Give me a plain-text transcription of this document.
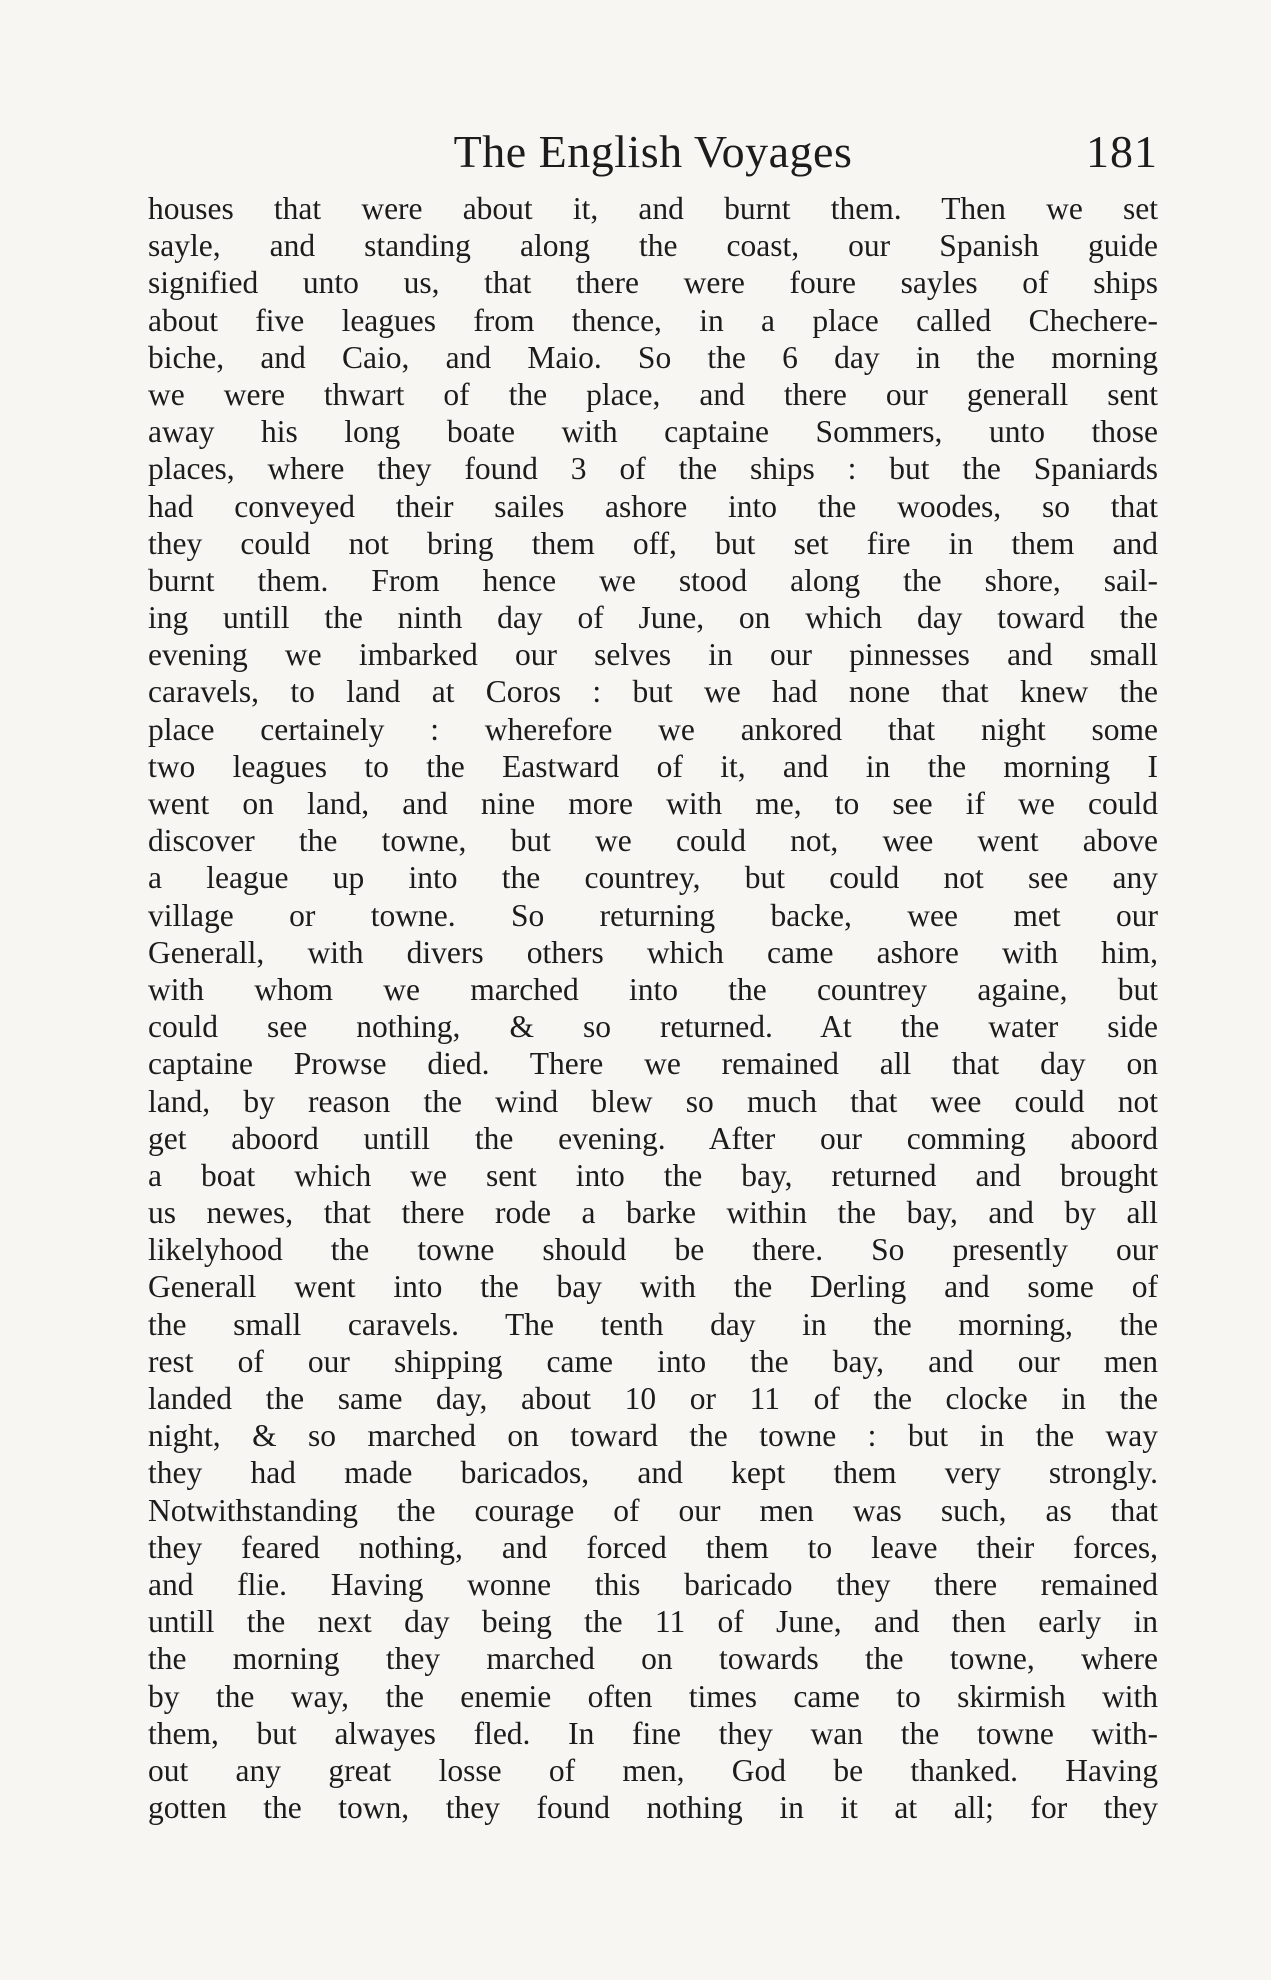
The English Voyages	181
houses that were about it, and burnt them. Then we set
sayle, and standing along the coast, our Spanish guide
signified unto us, that there were foure sayles of ships
about five leagues from thence, in a place called Chechere-
biche, and Caio, and Maio. So the 6 day in the morning
we were thwart of the place, and there our generall sent
away his long boate with captaine Sommers, unto those
places, where they found 3 of the ships : but the Spaniards
had conveyed their sailes ashore into the woodes, so that
they could not bring them off, but set fire in them and
burnt them. From hence we stood along the shore, sail-
ing untill the ninth day of June, on which day toward the
evening we imbarked our selves in our pinnesses and small
caravels, to land at Coros : but we had none that knew the
place certainely : wherefore we ankored that night some
two leagues to the Eastward of it, and in the morning I
went on land, and nine more with me, to see if we could
discover the towne, but we could not, wee went above
a league up into the countrey, but could not see any
village or towne. So returning backe, wee met our
Generall, with divers others which came ashore with him,
with whom we marched into the countrey againe, but
could see nothing, & so returned. At the water side
captaine Prowse died. There we remained all that day on
land, by reason the wind blew so much that wee could not
get aboord untill the evening. After our comming aboord
a boat which we sent into the bay, returned and brought
us newes, that there rode a barke within the bay, and by all
likelyhood the towne should be there. So presently our
Generall went into the bay with the Derling and some of
the small caravels. The tenth day in the morning, the
rest of our shipping came into the bay, and our men
landed the same day, about 10 or 11 of the clocke in the
night, & so marched on toward the towne : but in the way
they had made baricados, and kept them very strongly.
Notwithstanding the courage of our men was such, as that
they feared nothing, and forced them to leave their forces,
and flie. Having wonne this baricado they there remained
untill the next day being the 11 of June, and then early in
the morning they marched on towards the towne, where
by the way, the enemie often times came to skirmish with
them, but alwayes fled. In fine they wan the towne with-
out any great losse of men, God be thanked. Having
gotten the town, they found nothing in it at all; for they
